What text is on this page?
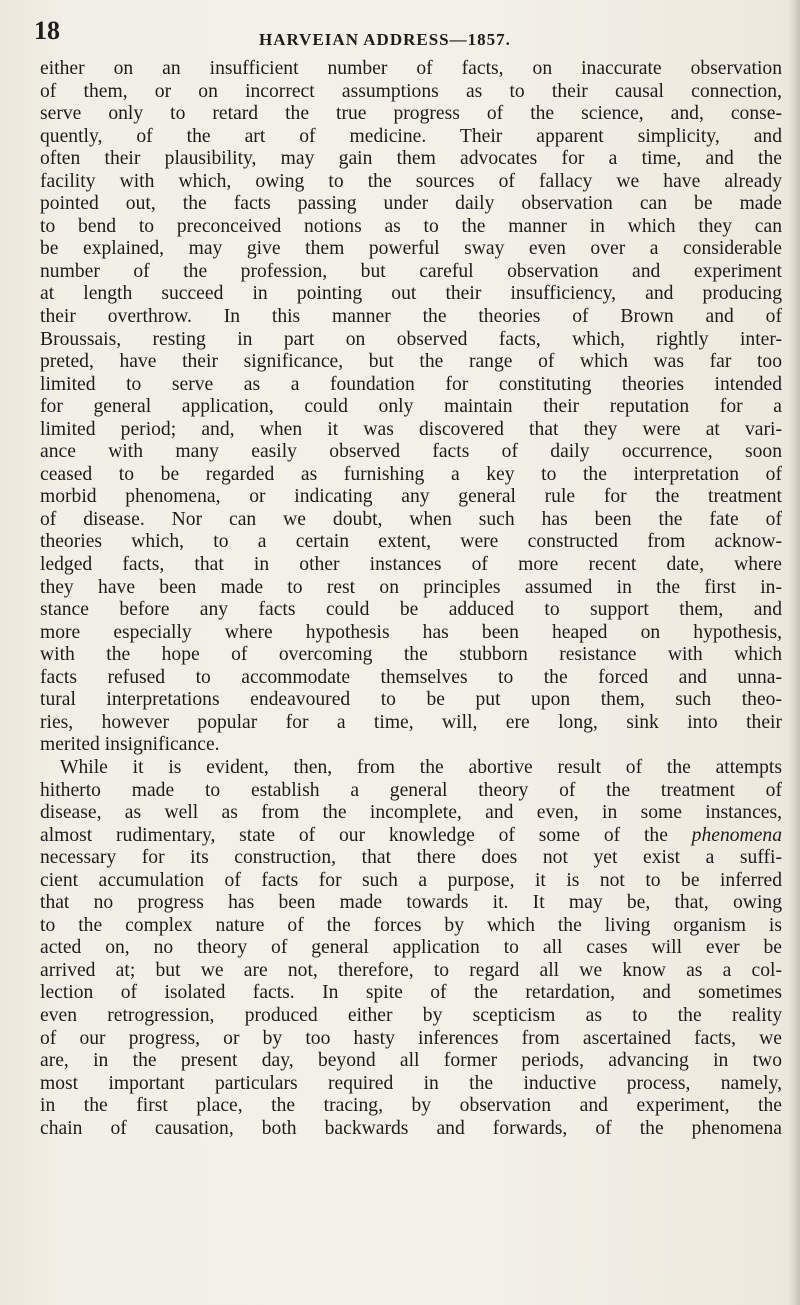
18	HARVEIAN ADDRESS—1857.
either on an insufficient number of facts, on inaccurate observation
of them, or on incorrect assumptions as to their causal connection,
serve only to retard the true progress of the science, and, conse-
quently, of the art of medicine. Their apparent simplicity, and
often their plausibility, may gain them advocates for a time, and the
facility with which, owing to the sources of fallacy we have already
pointed out, the facts passing under daily observation can be made
to bend to preconceived notions as to the manner in which they can
be explained, may give them powerful sway even over a considerable
number of the profession, but careful observation and experiment
at length succeed in pointing out their insufficiency, and producing
their overthrow. In this manner the theories of Brown and of
Broussais, resting in part on observed facts, which, rightly inter-
preted, have their significance, but the range of which was far too
limited to serve as a foundation for constituting theories intended
for general application, could only maintain their reputation for a
limited period; and, when it was discovered that they were at vari-
ance with many easily observed facts of daily occurrence, soon
ceased to be regarded as furnishing a key to the interpretation of
morbid phenomena, or indicating any general rule for the treatment
of disease. Nor can we doubt, when such has been the fate of
theories which, to a certain extent, were constructed from acknow-
ledged facts, that in other instances of more recent date, where
they have been made to rest on principles assumed in the first in-
stance before any facts could be adduced to support them, and
more especially where hypothesis has been heaped on hypothesis,
with the hope of overcoming the stubborn resistance with which
facts refused to accommodate themselves to the forced and unna-
tural interpretations endeavoured to be put upon them, such theo-
ries, however popular for a time, will, ere long, sink into their
merited insignificance.
While it is evident, then, from the abortive result of the attempts
hitherto made to establish a general theory of the treatment of
disease, as well as from the incomplete, and even, in some instances,
almost rudimentary, state of our knowledge of some of the phenomena
necessary for its construction, that there does not yet exist a suffi-
cient accumulation of facts for such a purpose, it is not to be inferred
that no progress has been made towards it. It may be, that, owing
to the complex nature of the forces by which the living organism is
acted on, no theory of general application to all cases will ever be
arrived at; but we are not, therefore, to regard all we know as a col-
lection of isolated facts. In spite of the retardation, and sometimes
even retrogression, produced either by scepticism as to the reality
of our progress, or by too hasty inferences from ascertained facts, we
are, in the present day, beyond all former periods, advancing in two
most important particulars required in the inductive process, namely,
in the first place, the tracing, by observation and experiment, the
chain of causation, both backwards and forwards, of the phenomena
